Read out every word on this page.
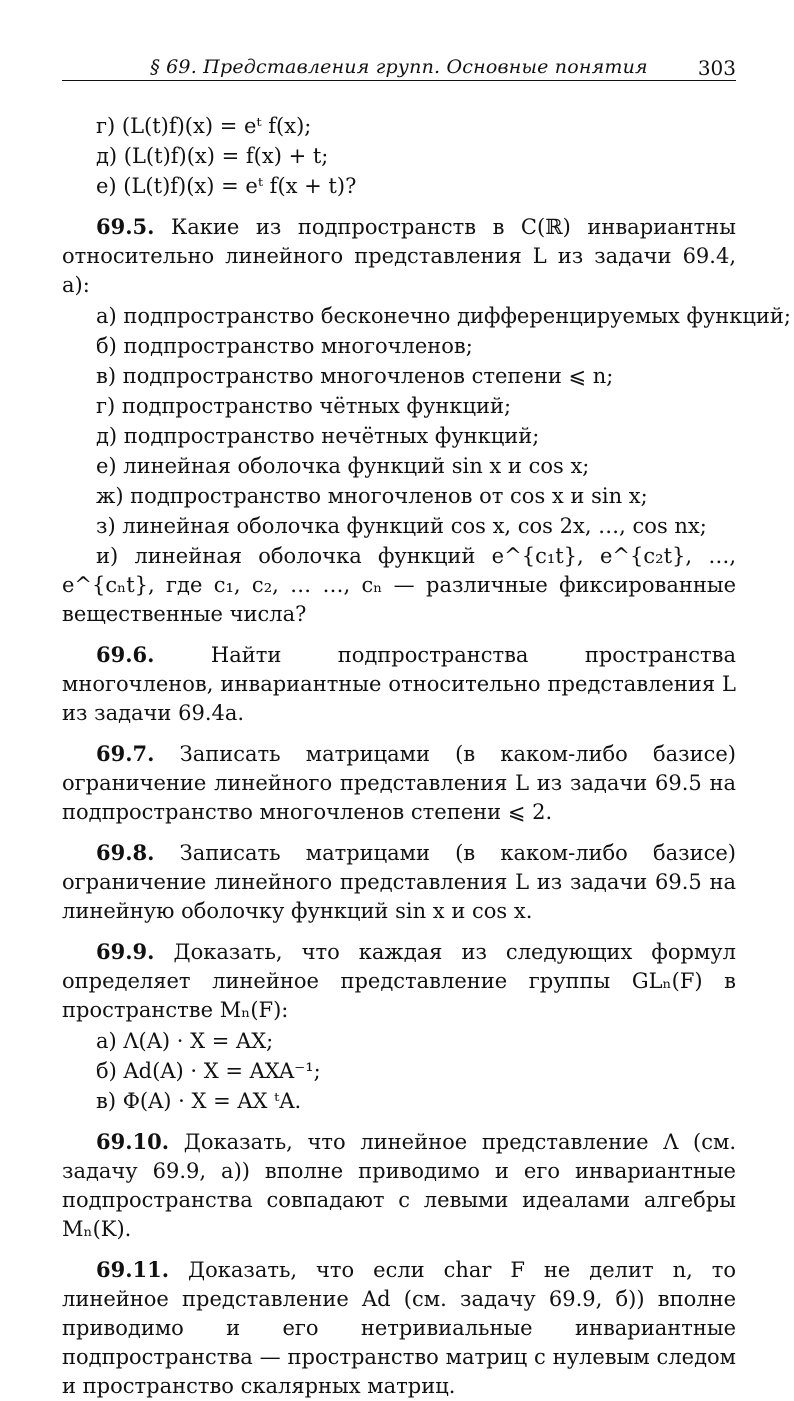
§ 69. Представления групп. Основные понятия	303
г) (L(t)f)(x) = eᵗ f(x);
д) (L(t)f)(x) = f(x) + t;
е) (L(t)f)(x) = eᵗ f(x + t)?
69.5. Какие из подпространств в C(ℝ) инвариантны относительно линейного представления L из задачи 69.4, а):
а) подпространство бесконечно дифференцируемых функций;
б) подпространство многочленов;
в) подпространство многочленов степени ⩽ n;
г) подпространство чётных функций;
д) подпространство нечётных функций;
е) линейная оболочка функций sin x и cos x;
ж) подпространство многочленов от cos x и sin x;
з) линейная оболочка функций cos x, cos 2x, …, cos nx;
и) линейная оболочка функций e^{c₁t}, e^{c₂t}, …, e^{cₙt}, где c₁, c₂, … …, cₙ — различные фиксированные вещественные числа?
69.6.	Найти подпространства пространства многочленов, инвариантные относительно представления L из задачи 69.4а.
69.7. Записать матрицами (в каком-либо базисе) ограничение линейного представления L из задачи 69.5 на подпространство многочленов степени ⩽ 2.
69.8. Записать матрицами (в каком-либо базисе) ограничение линейного представления L из задачи 69.5 на линейную оболочку функций sin x и cos x.
69.9. Доказать, что каждая из следующих формул определяет линейное представление группы GLₙ(F) в пространстве Mₙ(F):
а) Λ(A) · X = AX;
б) Ad(A) · X = AXA⁻¹;
в) Φ(A) · X = AX ᵗA.
69.10. Доказать, что линейное представление Λ (см. задачу 69.9, а)) вполне приводимо и его инвариантные подпространства совпадают с левыми идеалами алгебры Mₙ(K).
69.11. Доказать, что если char F не делит n, то линейное представление Ad (см. задачу 69.9, б)) вполне приводимо и его нетривиальные инвариантные подпространства — пространство матриц с нулевым следом и пространство скалярных матриц.
